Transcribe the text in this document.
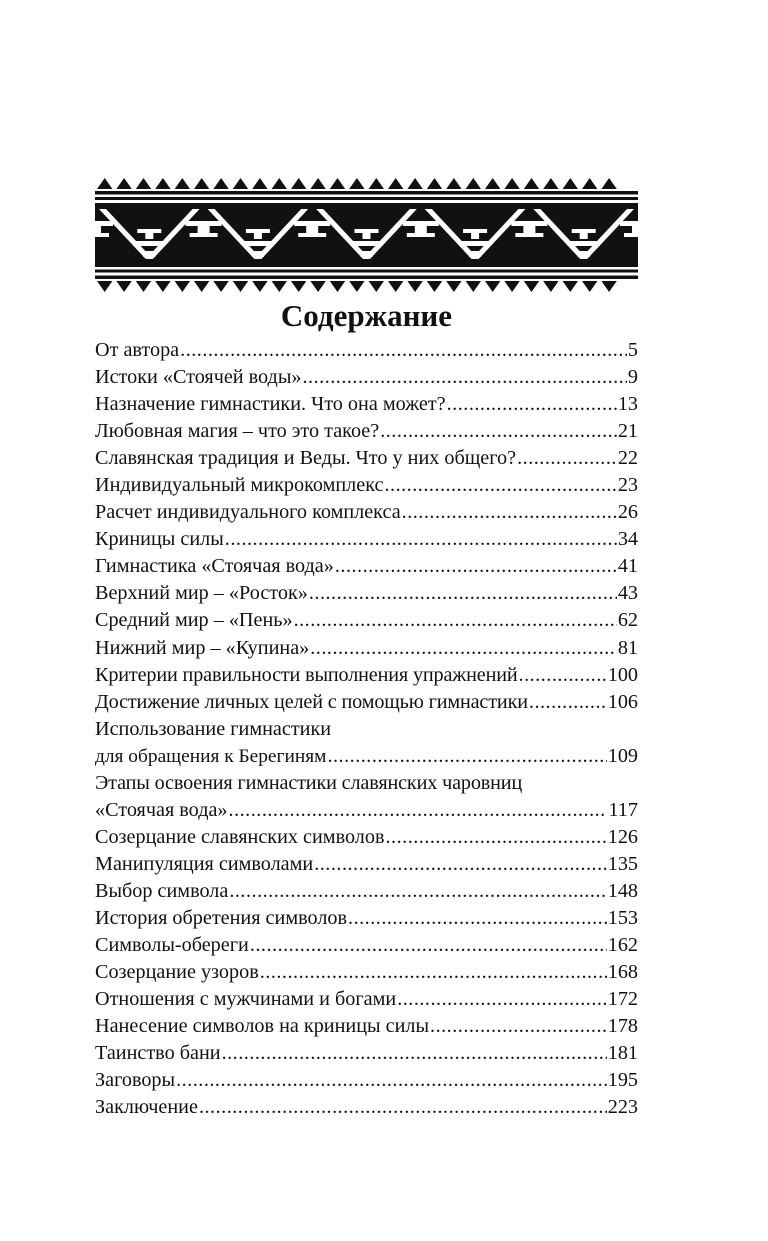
Содержание
От автора .....	5
Истоки «Стоячей воды» .....	9
Назначение гимнастики. Что она может? .....	13
Любовная магия – что это такое? .....	21
Славянская традиция и Веды. Что у них общего? .....	22
Индивидуальный микрокомплекс .....	23
Расчет индивидуального комплекса .....	26
Криницы силы .....	34
Гимнастика «Стоячая вода» .....	41
Верхний мир – «Росток» .....	43
Средний мир – «Пень» .....	62
Нижний мир – «Купина» .....	81
Критерии правильности выполнения упражнений .....	100
Достижение личных целей с помощью гимнастики .....	106
Использование гимнастики
для обращения к Берегиням .....	109
Этапы освоения гимнастики славянских чаровниц
«Стоячая вода» .....	117
Созерцание славянских символов .....	126
Манипуляция символами .....	135
Выбор символа .....	148
История обретения символов .....	153
Символы-обереги .....	162
Созерцание узоров .....	168
Отношения с мужчинами и богами .....	172
Нанесение символов на криницы силы .....	178
Таинство бани .....	181
Заговоры .....	195
Заключение .....	223
